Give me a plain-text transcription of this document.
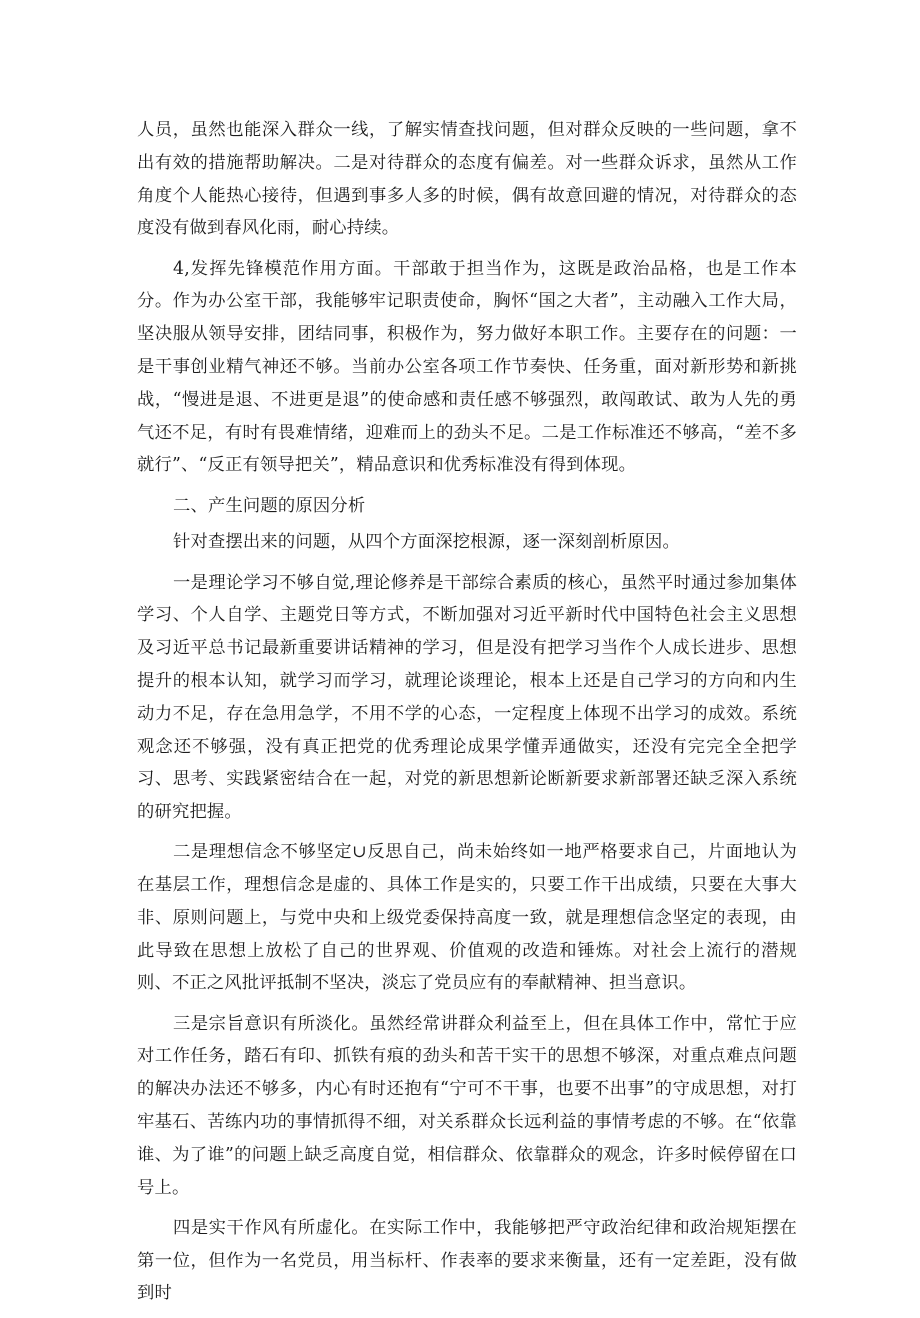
人员，虽然也能深入群众一线，了解实情查找问题，但对群众反映的一些问题，拿不出有效的措施帮助解决。二是对待群众的态度有偏差。对一些群众诉求，虽然从工作角度个人能热心接待，但遇到事多人多的时候，偶有故意回避的情况，对待群众的态度没有做到春风化雨，耐心持续。

4,发挥先锋模范作用方面。干部敢于担当作为，这既是政治品格，也是工作本分。作为办公室干部，我能够牢记职责使命，胸怀“国之大者”，主动融入工作大局，坚决服从领导安排，团结同事，积极作为，努力做好本职工作。主要存在的问题：一是干事创业精气神还不够。当前办公室各项工作节奏快、任务重，面对新形势和新挑战，“慢进是退、不进更是退”的使命感和责任感不够强烈，敢闯敢试、敢为人先的勇气还不足，有时有畏难情绪，迎难而上的劲头不足。二是工作标准还不够高，“差不多就行”、“反正有领导把关”，精品意识和优秀标准没有得到体现。

二、产生问题的原因分析

针对查摆出来的问题，从四个方面深挖根源，逐一深刻剖析原因。

一是理论学习不够自觉,理论修养是干部综合素质的核心，虽然平时通过参加集体学习、个人自学、主题党日等方式，不断加强对习近平新时代中国特色社会主义思想及习近平总书记最新重要讲话精神的学习，但是没有把学习当作个人成长进步、思想提升的根本认知，就学习而学习，就理论谈理论，根本上还是自己学习的方向和内生动力不足，存在急用急学，不用不学的心态，一定程度上体现不出学习的成效。系统观念还不够强，没有真正把党的优秀理论成果学懂弄通做实，还没有完完全全把学习、思考、实践紧密结合在一起，对党的新思想新论断新要求新部署还缺乏深入系统的研究把握。

二是理想信念不够坚定∪反思自己，尚未始终如一地严格要求自己，片面地认为在基层工作，理想信念是虚的、具体工作是实的，只要工作干出成绩，只要在大事大非、原则问题上，与党中央和上级党委保持高度一致，就是理想信念坚定的表现，由此导致在思想上放松了自己的世界观、价值观的改造和锤炼。对社会上流行的潜规则、不正之风批评抵制不坚决，淡忘了党员应有的奉献精神、担当意识。

三是宗旨意识有所淡化。虽然经常讲群众利益至上，但在具体工作中，常忙于应对工作任务，踏石有印、抓铁有痕的劲头和苦干实干的思想不够深，对重点难点问题的解决办法还不够多，内心有时还抱有“宁可不干事，也要不出事”的守成思想，对打牢基石、苦练内功的事情抓得不细，对关系群众长远利益的事情考虑的不够。在“依靠谁、为了谁”的问题上缺乏高度自觉，相信群众、依靠群众的观念，许多时候停留在口号上。

四是实干作风有所虚化。在实际工作中，我能够把严守政治纪律和政治规矩摆在第一位，但作为一名党员，用当标杆、作表率的要求来衡量，还有一定差距，没有做到时
